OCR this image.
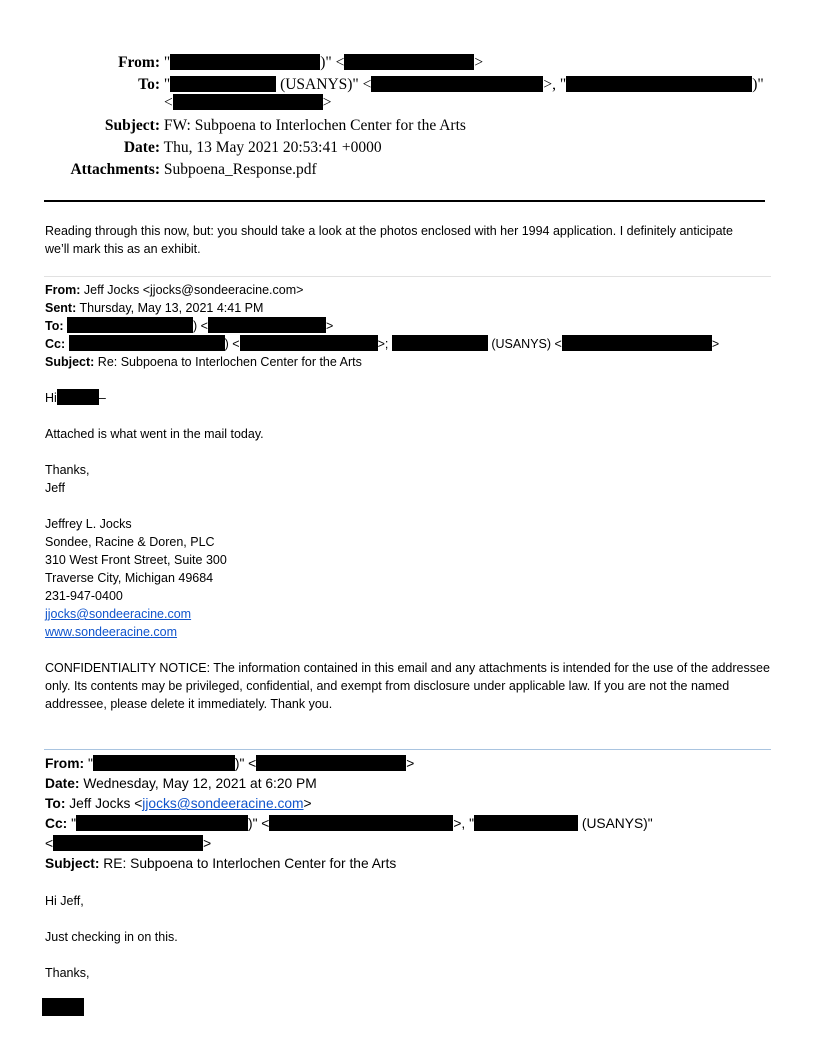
From: "	)" <	>
To: "	(USANYS)" <	>, "	)"
<	>
Subject: FW: Subpoena to Interlochen Center for the Arts
Date: Thu, 13 May 2021 20:53:41 +0000
Attachments: Subpoena_Response.pdf
Reading through this now, but: you should take a look at the photos enclosed with her 1994 application. I definitely anticipate we’ll mark this as an exhibit.
From: Jeff Jocks <jjocks@sondeeracine.com>
Sent: Thursday, May 13, 2021 4:41 PM
To:	) <	>
Cc:	) <	>;	(USANYS) <	>
Subject: Re: Subpoena to Interlochen Center for the Arts
Hi	–
Attached is what went in the mail today.
Thanks,
Jeff
Jeffrey L. Jocks
Sondee, Racine & Doren, PLC
310 West Front Street, Suite 300
Traverse City, Michigan 49684
231-947-0400
jjocks@sondeeracine.com
www.sondeeracine.com
CONFIDENTIALITY NOTICE: The information contained in this email and any attachments is intended for the use of the addressee only. Its contents may be privileged, confidential, and exempt from disclosure under applicable law. If you are not the named addressee, please delete it immediately. Thank you.
From: "	)" <	>
Date: Wednesday, May 12, 2021 at 6:20 PM
To: Jeff Jocks <jjocks@sondeeracine.com>
Cc: "	)" <	>, "	(USANYS)"
<	>
Subject: RE: Subpoena to Interlochen Center for the Arts
Hi Jeff,
Just checking in on this.
Thanks,
